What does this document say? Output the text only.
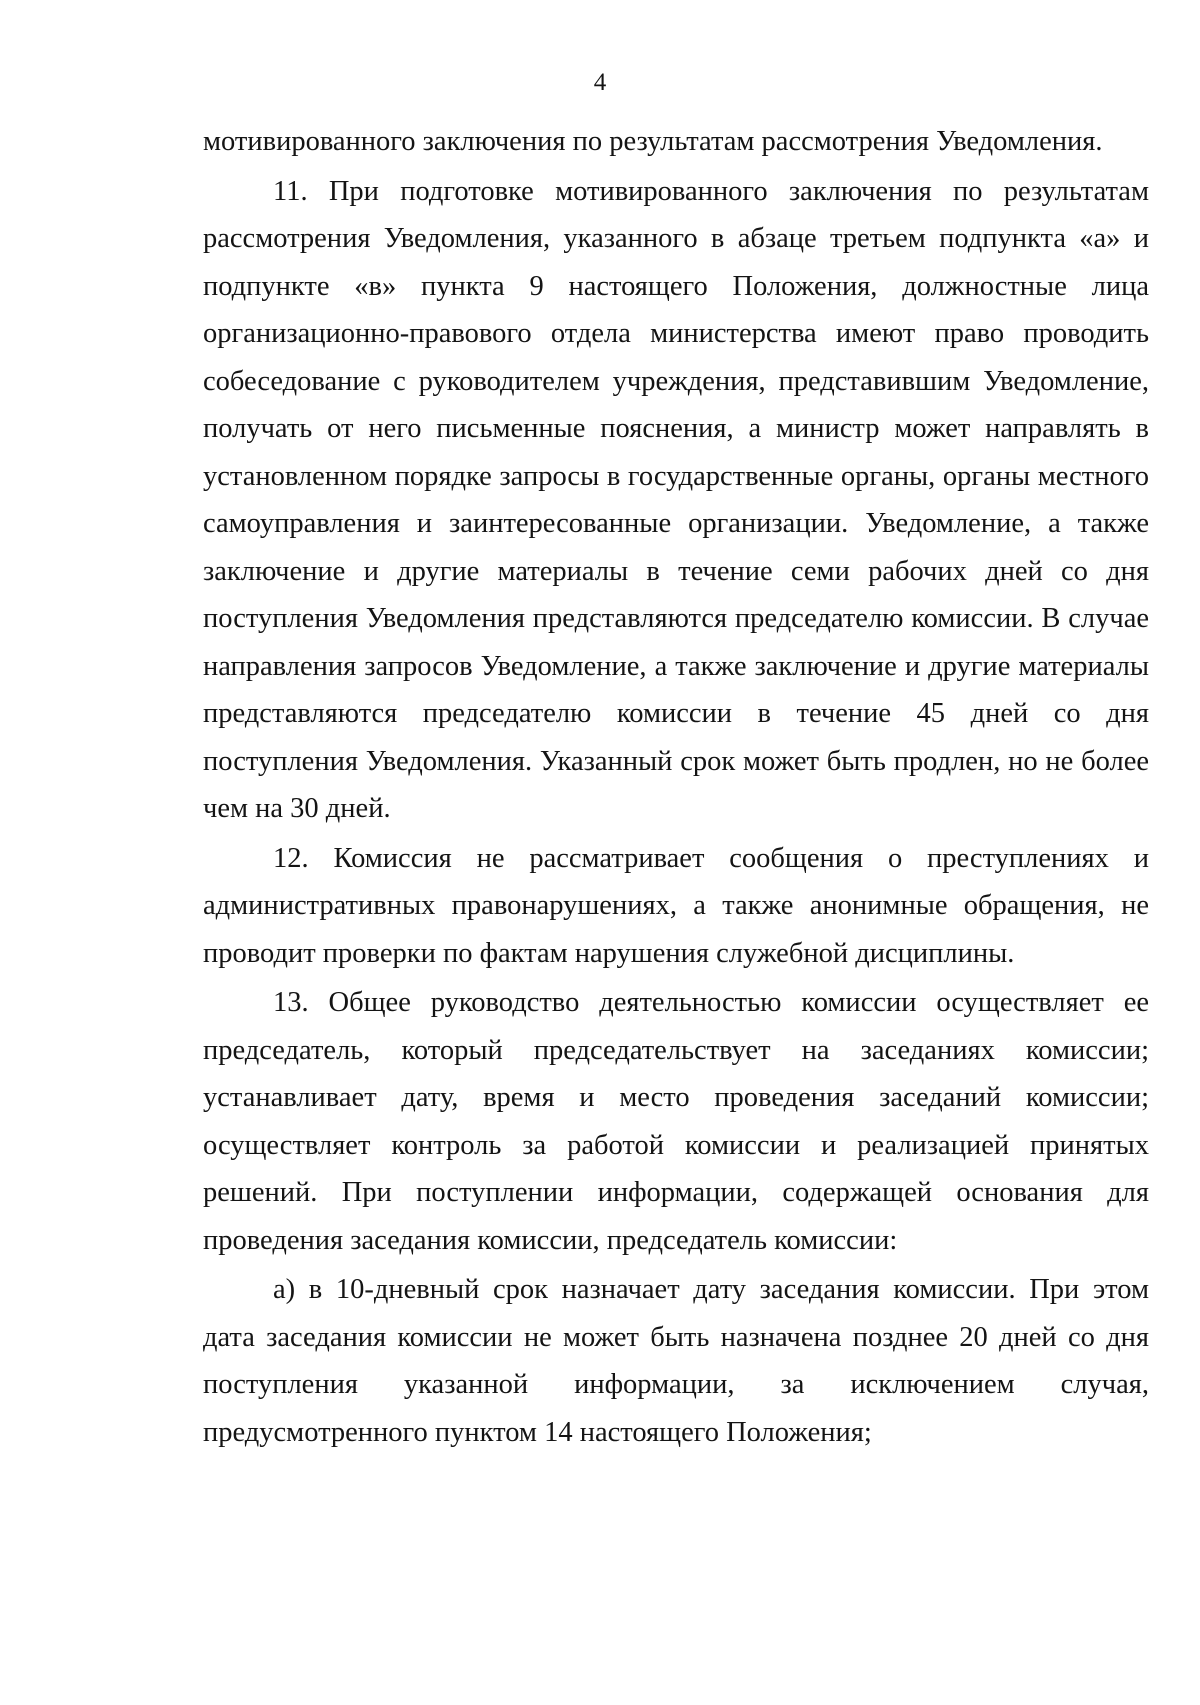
4

мотивированного заключения по результатам рассмотрения Уведомления.

11. При подготовке мотивированного заключения по результатам рассмотрения Уведомления, указанного в абзаце третьем подпункта «а» и подпункте «в» пункта 9 настоящего Положения, должностные лица организационно-правового отдела министерства имеют право проводить собеседование с руководителем учреждения, представившим Уведомление, получать от него письменные пояснения, а министр может направлять в установленном порядке запросы в государственные органы, органы местного самоуправления и заинтересованные организации. Уведомление, а также заключение и другие материалы в течение семи рабочих дней со дня поступления Уведомления представляются председателю комиссии. В случае направления запросов Уведомление, а также заключение и другие материалы представляются председателю комиссии в течение 45 дней со дня поступления Уведомления. Указанный срок может быть продлен, но не более чем на 30 дней.

12. Комиссия не рассматривает сообщения о преступлениях и административных правонарушениях, а также анонимные обращения, не проводит проверки по фактам нарушения служебной дисциплины.

13. Общее руководство деятельностью комиссии осуществляет ее председатель, который председательствует на заседаниях комиссии; устанавливает дату, время и место проведения заседаний комиссии; осуществляет контроль за работой комиссии и реализацией принятых решений. При поступлении информации, содержащей основания для проведения заседания комиссии, председатель комиссии:

а) в 10-дневный срок назначает дату заседания комиссии. При этом дата заседания комиссии не может быть назначена позднее 20 дней со дня поступления указанной информации, за исключением случая, предусмотренного пунктом 14 настоящего Положения;
